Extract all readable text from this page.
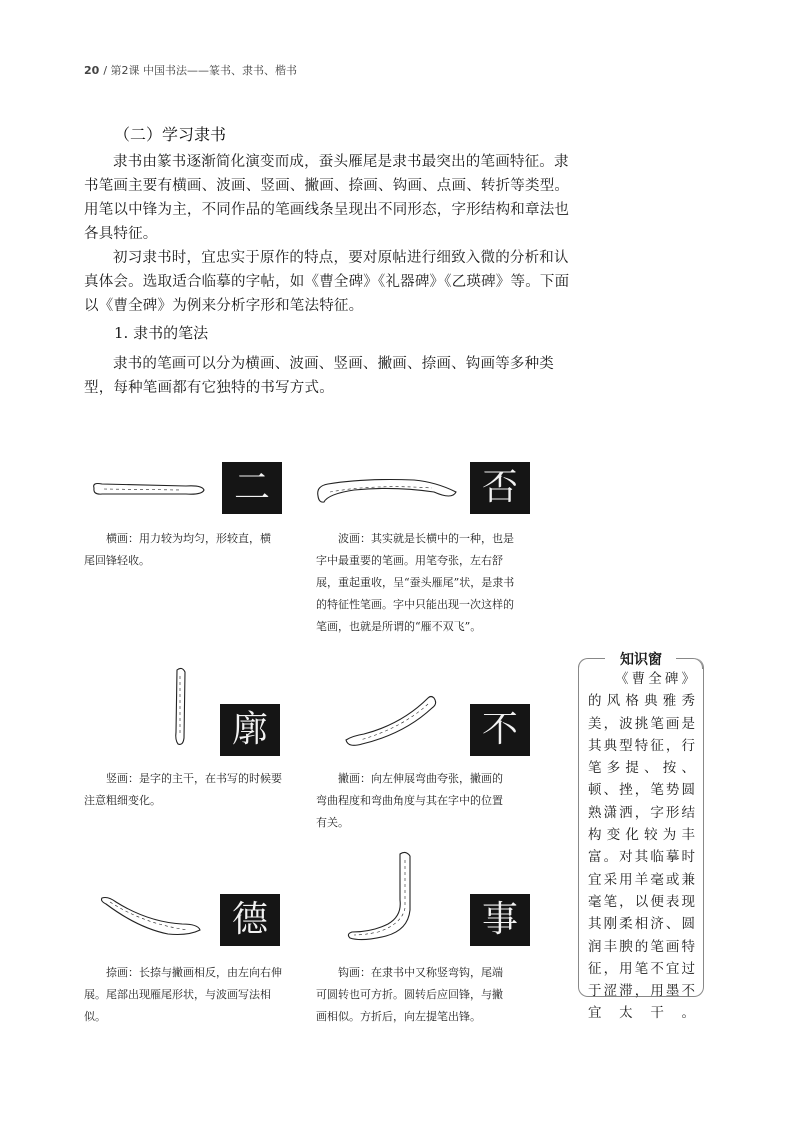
20 / 第2课 中国书法——篆书、隶书、楷书
（二）学习隶书

隶书由篆书逐渐简化演变而成，蚕头雁尾是隶书最突出的笔画特征。隶书笔画主要有横画、波画、竖画、撇画、捺画、钩画、点画、转折等类型。用笔以中锋为主，不同作品的笔画线条呈现出不同形态，字形结构和章法也各具特征。

初习隶书时，宜忠实于原作的特点，要对原帖进行细致入微的分析和认真体会。选取适合临摹的字帖，如《曹全碑》《礼器碑》《乙瑛碑》等。下面以《曹全碑》为例来分析字形和笔法特征。

1. 隶书的笔法

隶书的笔画可以分为横画、波画、竖画、撇画、捺画、钩画等多种类型，每种笔画都有它独特的书写方式。

二

横画：用力较为均匀，形较直，横尾回锋轻收。

否

波画：其实就是长横中的一种，也是字中最重要的笔画。用笔夸张，左右舒展，重起重收，呈“蚕头雁尾”状，是隶书的特征性笔画。字中只能出现一次这样的笔画，也就是所谓的“雁不双飞”。

廓

竖画：是字的主干，在书写的时候要注意粗细变化。

不

撇画：向左伸展弯曲夸张，撇画的弯曲程度和弯曲角度与其在字中的位置有关。

德

捺画：长捺与撇画相反，由左向右伸展。尾部出现雁尾形状，与波画写法相似。

事

钩画：在隶书中又称竖弯钩，尾端可圆转也可方折。圆转后应回锋，与撇画相似。方折后，向左提笔出锋。

知识窗

《曹全碑》的风格典雅秀美，波挑笔画是其典型特征，行笔多提、按、顿、挫，笔势圆熟潇洒，字形结构变化较为丰富。对其临摹时宜采用羊毫或兼毫笔，以便表现其刚柔相济、圆润丰腴的笔画特征，用笔不宜过于涩滞，用墨不宜太干。
